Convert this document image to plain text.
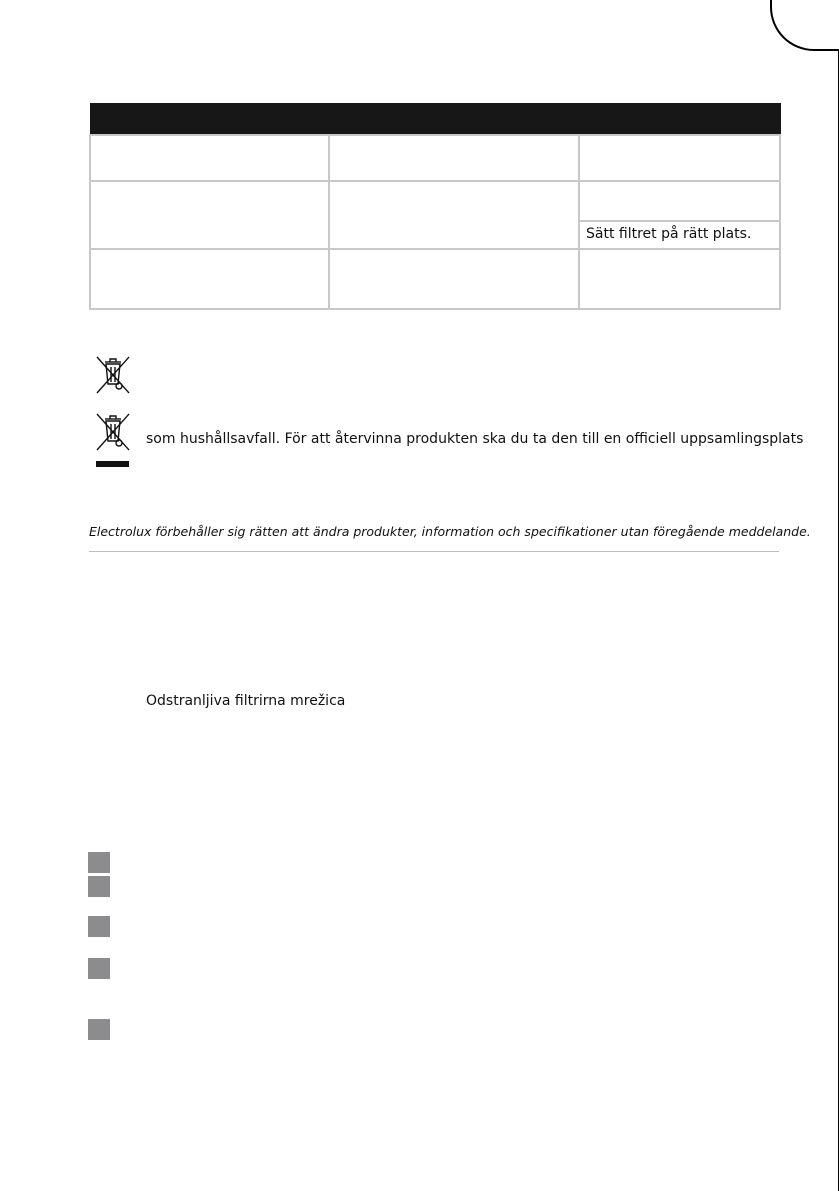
		Sätt filtret på rätt plats.

som hushållsavfall. För att återvinna produkten ska du ta den till en officiell uppsamlingsplats
Electrolux förbehåller sig rätten att ändra produkter, information och specifikationer utan föregående meddelande.
Odstranljiva filtrirna mrežica
